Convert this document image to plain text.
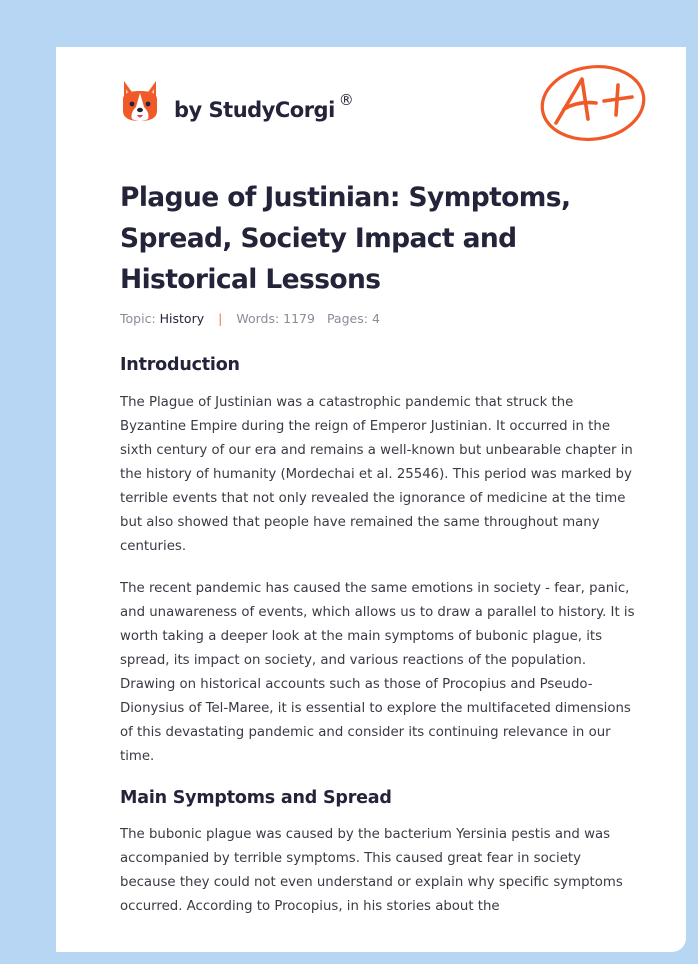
by StudyCorgi ®
Plague of Justinian: Symptoms, Spread, Society Impact and Historical Lessons
Topic: History | Words: 1179 Pages: 4
Introduction

The Plague of Justinian was a catastrophic pandemic that struck the Byzantine Empire during the reign of Emperor Justinian. It occurred in the sixth century of our era and remains a well-known but unbearable chapter in the history of humanity (Mordechai et al. 25546). This period was marked by terrible events that not only revealed the ignorance of medicine at the time but also showed that people have remained the same throughout many centuries.

The recent pandemic has caused the same emotions in society - fear, panic, and unawareness of events, which allows us to draw a parallel to history. It is worth taking a deeper look at the main symptoms of bubonic plague, its spread, its impact on society, and various reactions of the population. Drawing on historical accounts such as those of Procopius and Pseudo-Dionysius of Tel-Maree, it is essential to explore the multifaceted dimensions of this devastating pandemic and consider its continuing relevance in our time.

Main Symptoms and Spread

The bubonic plague was caused by the bacterium Yersinia pestis and was accompanied by terrible symptoms. This caused great fear in society because they could not even understand or explain why specific symptoms occurred. According to Procopius, in his stories about the
